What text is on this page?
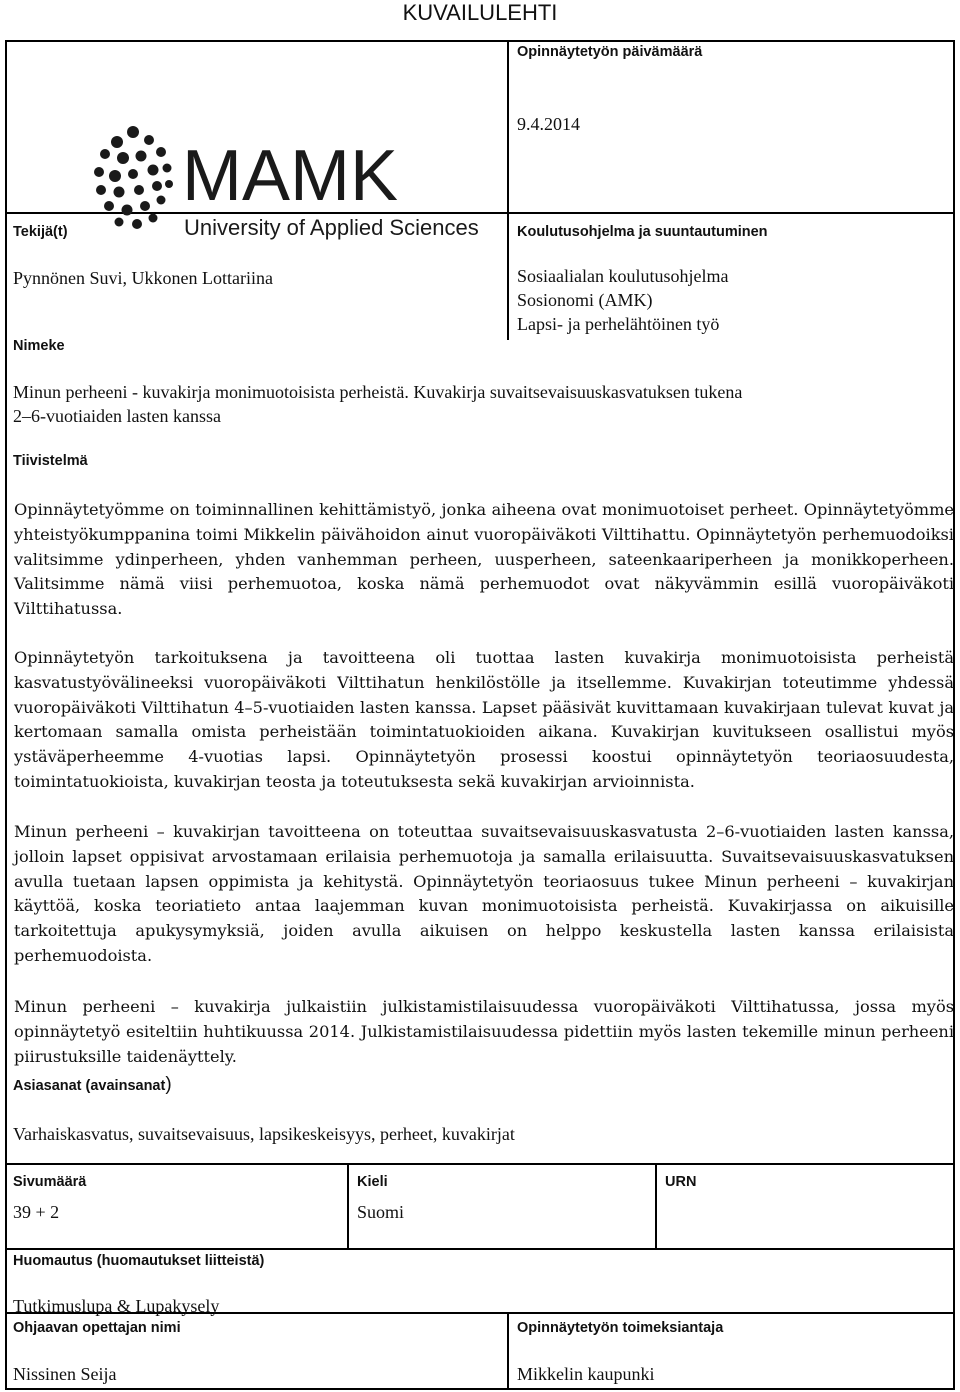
KUVAILULEHTI
MAMK
University of Applied Sciences
Opinnäytetyön päivämäärä
9.4.2014
Tekijä(t)
Pynnönen Suvi, Ukkonen Lottariina
Koulutusohjelma ja suuntautuminen
Sosiaalialan koulutusohjelma
Sosionomi (AMK)
Lapsi- ja perhelähtöinen työ
Nimeke
Minun perheeni - kuvakirja monimuotoisista perheistä. Kuvakirja suvaitsevaisuuskasvatuksen tukena
2–6-vuotiaiden lasten kanssa
Tiivistelmä
Opinnäytetyömme on toiminnallinen kehittämistyö, jonka aiheena ovat monimuotoiset perheet. Opinnäytetyömme yhteistyökumppanina toimi Mikkelin päivähoidon ainut vuoropäiväkoti Vilttihattu. Opinnäytetyön perhemuodoiksi valitsimme ydinperheen, yhden vanhemman perheen, uusperheen, sateenkaariperheen ja monikkoperheen. Valitsimme nämä viisi perhemuotoa, koska nämä perhemuodot ovat näkyvämmin esillä vuoropäiväkoti Vilttihatussa.
Opinnäytetyön tarkoituksena ja tavoitteena oli tuottaa lasten kuvakirja monimuotoisista perheistä kasvatustyövälineeksi vuoropäiväkoti Vilttihatun henkilöstölle ja itsellemme. Kuvakirjan toteutimme yhdessä vuoropäiväkoti Vilttihatun 4–5-vuotiaiden lasten kanssa. Lapset pääsivät kuvittamaan kuvakirjaan tulevat kuvat ja kertomaan samalla omista perheistään toimintatuokioiden aikana. Kuvakirjan kuvitukseen osallistui myös ystäväperheemme 4-vuotias lapsi. Opinnäytetyön prosessi koostui opinnäytetyön teoriaosuudesta, toimintatuokioista, kuvakirjan teosta ja toteutuksesta sekä kuvakirjan arvioinnista.
Minun perheeni – kuvakirjan tavoitteena on toteuttaa suvaitsevaisuuskasvatusta 2–6-vuotiaiden lasten kanssa, jolloin lapset oppisivat arvostamaan erilaisia perhemuotoja ja samalla erilaisuutta. Suvaitsevaisuuskasvatuksen avulla tuetaan lapsen oppimista ja kehitystä. Opinnäytetyön teoriaosuus tukee Minun perheeni – kuvakirjan käyttöä, koska teoriatieto antaa laajemman kuvan monimuotoisista perheistä. Kuvakirjassa on aikuisille tarkoitettuja apukysymyksiä, joiden avulla aikuisen on helppo keskustella lasten kanssa erilaisista perhemuodoista.
Minun perheeni – kuvakirja julkaistiin julkistamistilaisuudessa vuoropäiväkoti Vilttihatussa, jossa myös opinnäytetyö esiteltiin huhtikuussa 2014. Julkistamistilaisuudessa pidettiin myös lasten tekemille minun perheeni piirustuksille taidenäyttely.
Asiasanat (avainsanat)
Varhaiskasvatus, suvaitsevaisuus, lapsikeskeisyys, perheet, kuvakirjat
Sivumäärä
39 + 2
Kieli
Suomi
URN
Huomautus (huomautukset liitteistä)
Tutkimuslupa & Lupakysely
Ohjaavan opettajan nimi
Nissinen Seija
Opinnäytetyön toimeksiantaja
Mikkelin kaupunki
